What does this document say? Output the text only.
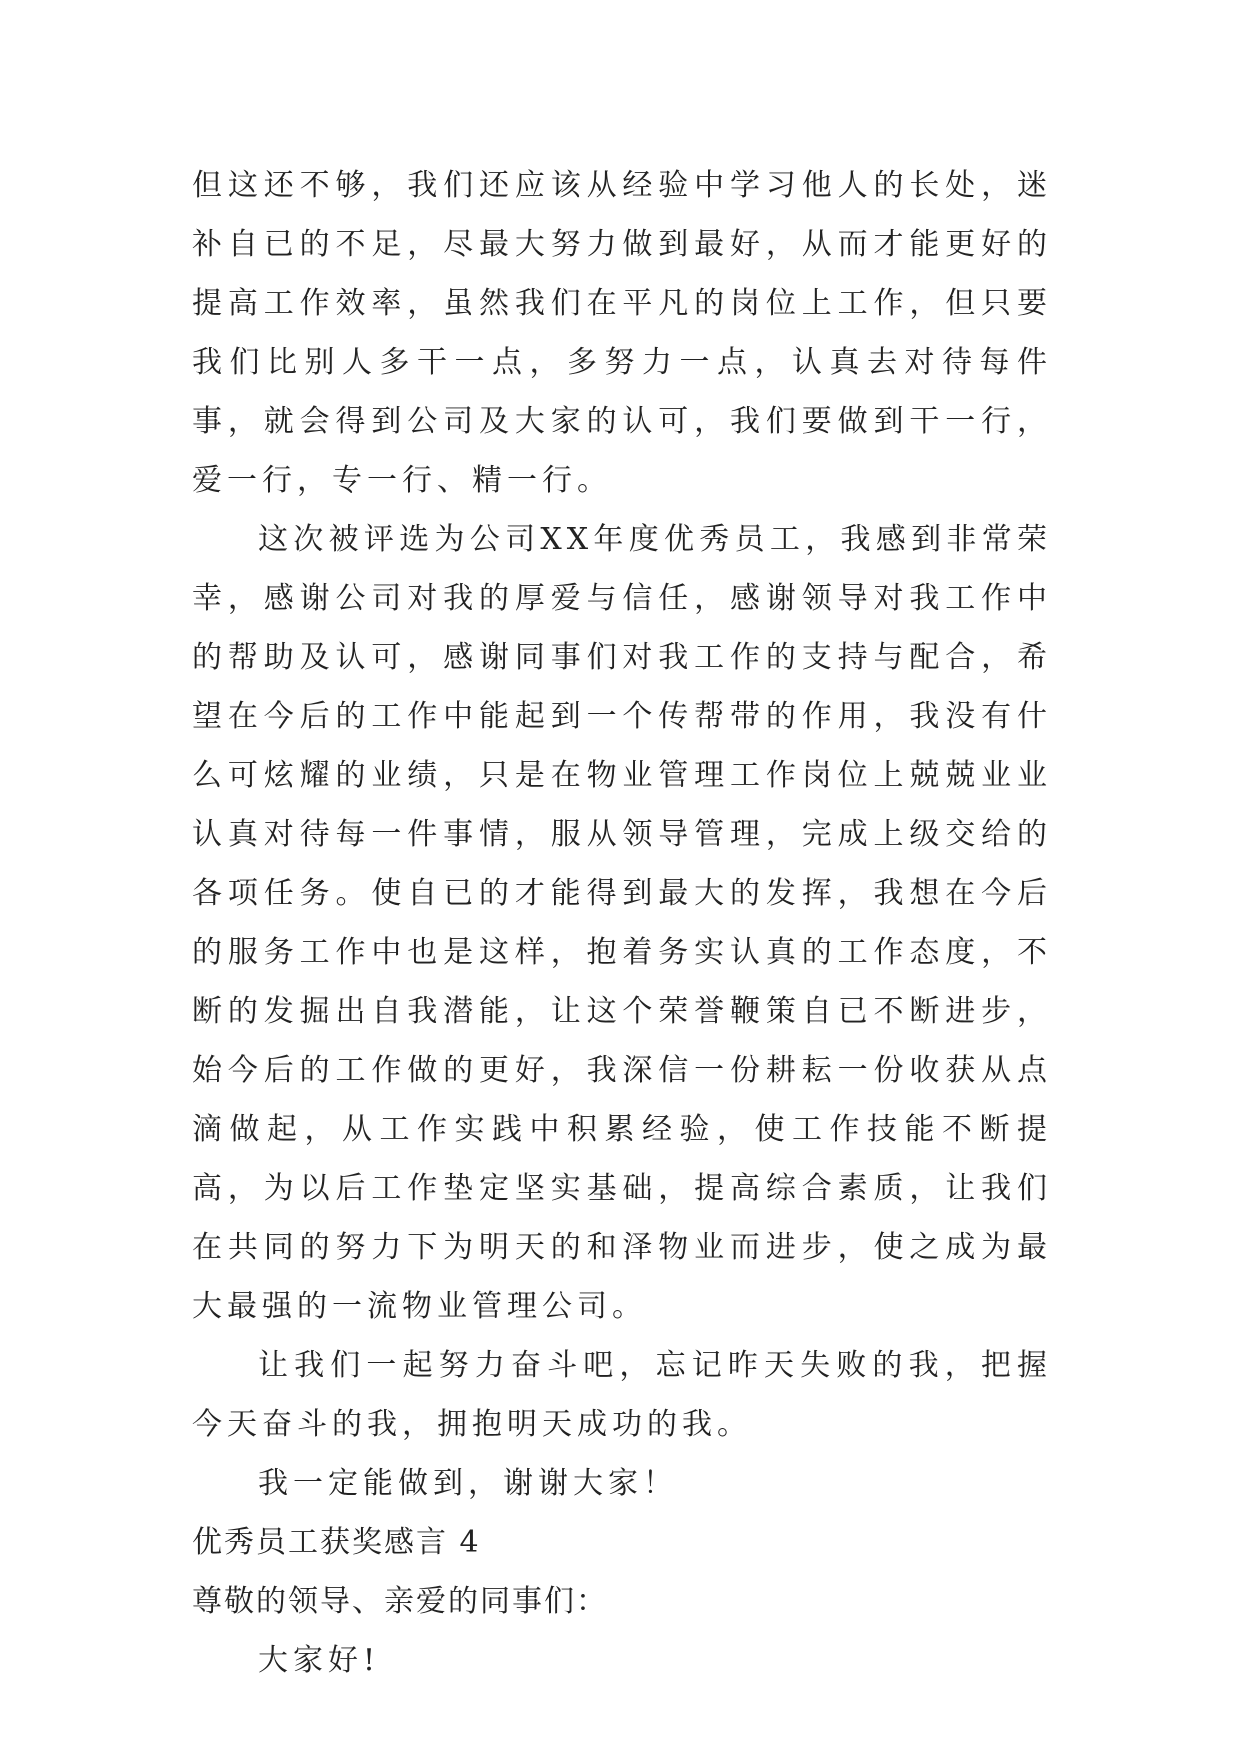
但这还不够，我们还应该从经验中学习他人的长处，迷补自已的不足，尽最大努力做到最好，从而才能更好的提高工作效率，虽然我们在平凡的岗位上工作，但只要我们比别人多干一点，多努力一点，认真去对待每件事，就会得到公司及大家的认可，我们要做到干一行，爱一行，专一行、精一行。

这次被评选为公司XX年度优秀员工，我感到非常荣幸，感谢公司对我的厚爱与信任，感谢领导对我工作中的帮助及认可，感谢同事们对我工作的支持与配合，希望在今后的工作中能起到一个传帮带的作用，我没有什么可炫耀的业绩，只是在物业管理工作岗位上兢兢业业认真对待每一件事情，服从领导管理，完成上级交给的各项任务。使自已的才能得到最大的发挥，我想在今后的服务工作中也是这样，抱着务实认真的工作态度，不断的发掘出自我潜能，让这个荣誉鞭策自已不断进步，始今后的工作做的更好，我深信一份耕耘一份收获从点滴做起，从工作实践中积累经验，使工作技能不断提高，为以后工作垫定坚实基础，提高综合素质，让我们在共同的努力下为明天的和泽物业而进步，使之成为最大最强的一流物业管理公司。

让我们一起努力奋斗吧，忘记昨天失败的我，把握今天奋斗的我，拥抱明天成功的我。

我一定能做到，谢谢大家！

优秀员工获奖感言 4

尊敬的领导、亲爱的同事们：

大家好!
